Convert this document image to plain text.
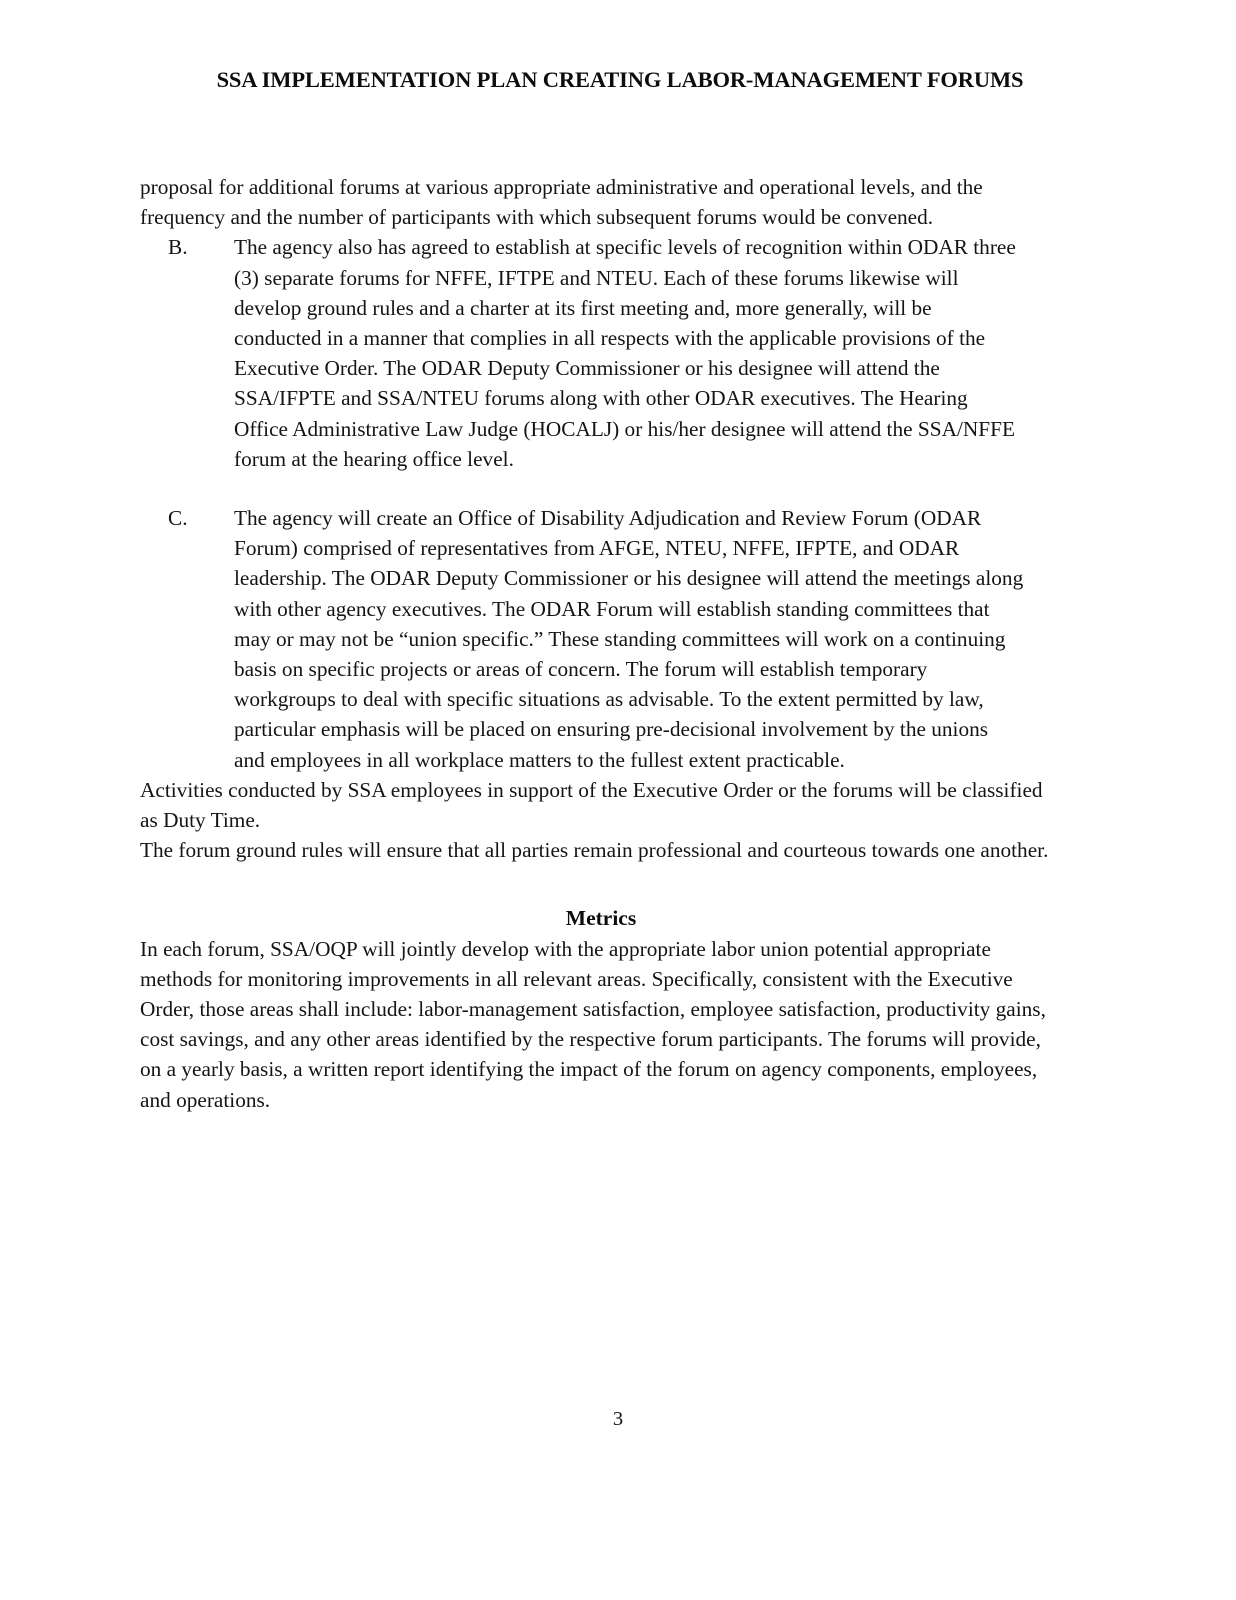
SSA IMPLEMENTATION PLAN CREATING LABOR-MANAGEMENT FORUMS

proposal for additional forums at various appropriate administrative and operational levels, and the frequency and the number of participants with which subsequent forums would be convened.

B.	The agency also has agreed to establish at specific levels of recognition within ODAR three (3) separate forums for NFFE, IFTPE and NTEU. Each of these forums likewise will develop ground rules and a charter at its first meeting and, more generally, will be conducted in a manner that complies in all respects with the applicable provisions of the Executive Order. The ODAR Deputy Commissioner or his designee will attend the SSA/IFPTE and SSA/NTEU forums along with other ODAR executives. The Hearing Office Administrative Law Judge (HOCALJ) or his/her designee will attend the SSA/NFFE forum at the hearing office level.
C.	The agency will create an Office of Disability Adjudication and Review Forum (ODAR Forum) comprised of representatives from AFGE, NTEU, NFFE, IFPTE, and ODAR leadership. The ODAR Deputy Commissioner or his designee will attend the meetings along with other agency executives. The ODAR Forum will establish standing committees that may or may not be “union specific.” These standing committees will work on a continuing basis on specific projects or areas of concern. The forum will establish temporary workgroups to deal with specific situations as advisable. To the extent permitted by law, particular emphasis will be placed on ensuring pre-decisional involvement by the unions and employees in all workplace matters to the fullest extent practicable.

Activities conducted by SSA employees in support of the Executive Order or the forums will be classified as Duty Time.

The forum ground rules will ensure that all parties remain professional and courteous towards one another.

Metrics

In each forum, SSA/OQP will jointly develop with the appropriate labor union potential appropriate methods for monitoring improvements in all relevant areas. Specifically, consistent with the Executive Order, those areas shall include: labor-management satisfaction, employee satisfaction, productivity gains, cost savings, and any other areas identified by the respective forum participants. The forums will provide, on a yearly basis, a written report identifying the impact of the forum on agency components, employees, and operations.

3
